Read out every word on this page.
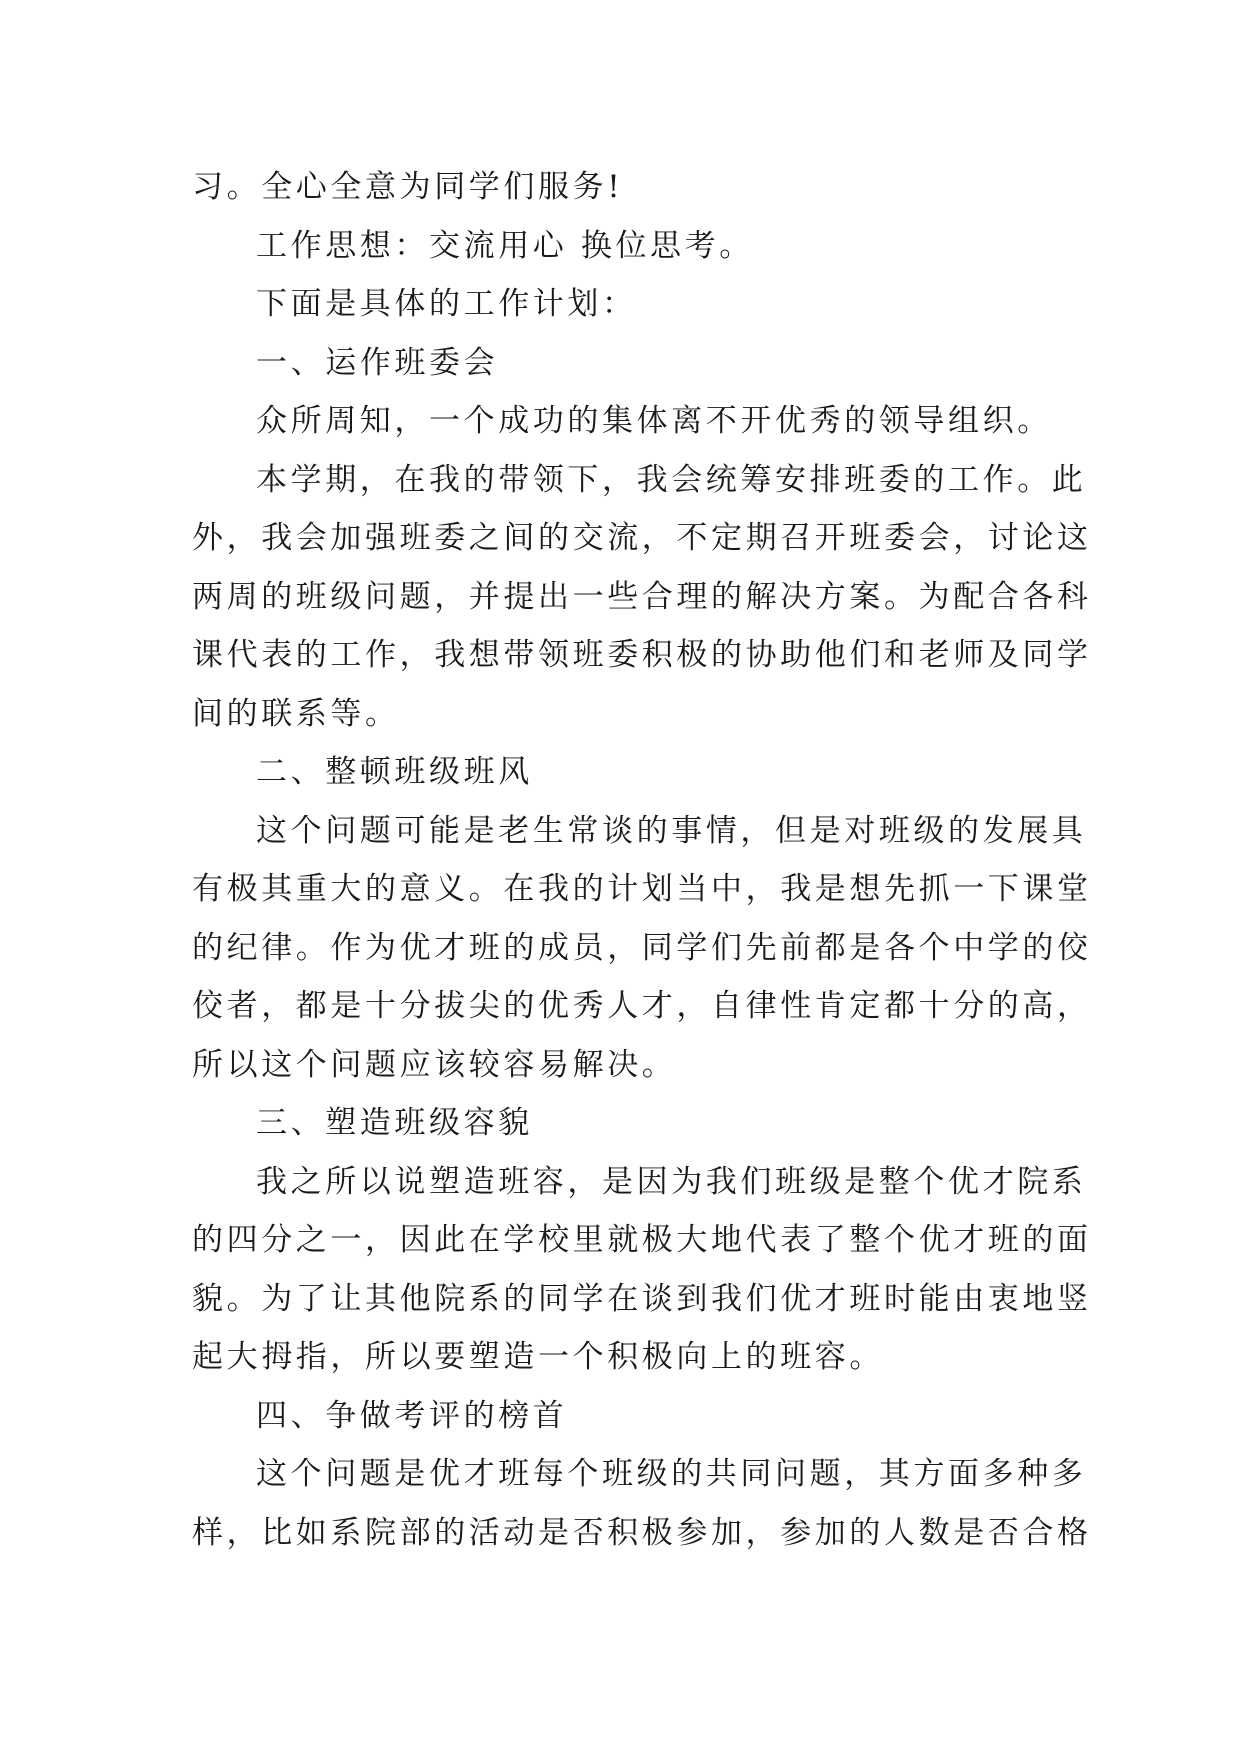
习。全心全意为同学们服务!
工作思想：交流用心 换位思考。
下面是具体的工作计划：
一、运作班委会
众所周知，一个成功的集体离不开优秀的领导组织。
本学期，在我的带领下，我会统筹安排班委的工作。此
外，我会加强班委之间的交流，不定期召开班委会，讨论这
两周的班级问题，并提出一些合理的解决方案。为配合各科
课代表的工作，我想带领班委积极的协助他们和老师及同学
间的联系等。
二、整顿班级班风
这个问题可能是老生常谈的事情，但是对班级的发展具
有极其重大的意义。在我的计划当中，我是想先抓一下课堂
的纪律。作为优才班的成员，同学们先前都是各个中学的佼
佼者，都是十分拔尖的优秀人才，自律性肯定都十分的高，
所以这个问题应该较容易解决。
三、塑造班级容貌
我之所以说塑造班容，是因为我们班级是整个优才院系
的四分之一，因此在学校里就极大地代表了整个优才班的面
貌。为了让其他院系的同学在谈到我们优才班时能由衷地竖
起大拇指，所以要塑造一个积极向上的班容。
四、争做考评的榜首
这个问题是优才班每个班级的共同问题，其方面多种多
样，比如系院部的活动是否积极参加，参加的人数是否合格
